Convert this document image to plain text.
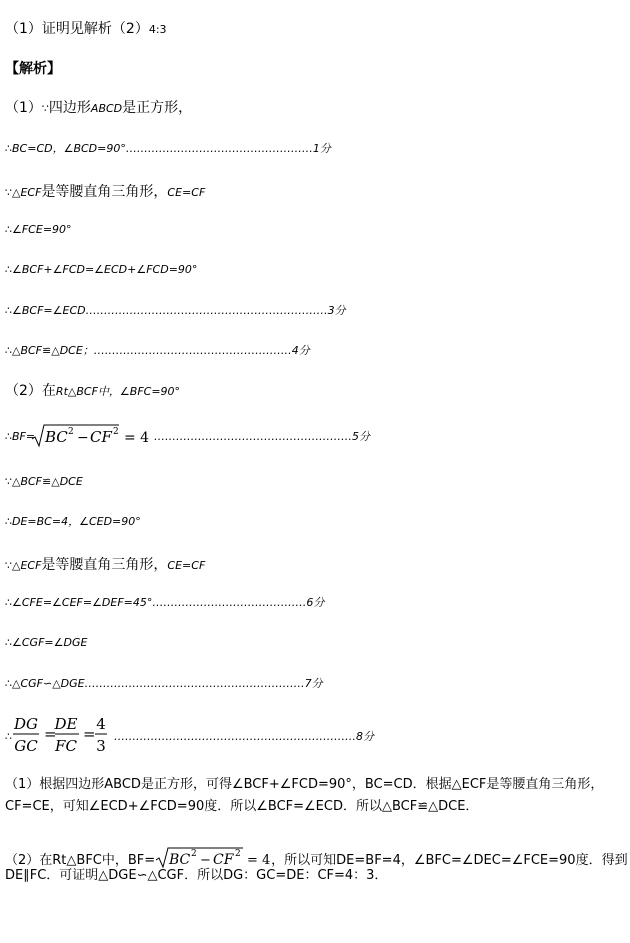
（1）证明见解析（2）4:3
【解析】
（1）∵四边形ABCD是正方形，
∴BC=CD，∠BCD=90°……………………………………………1分
∵△ECF是等腰直角三角形，CE=CF
∴∠FCE=90°
∴∠BCF+∠FCD=∠ECD+∠FCD=90°
∴∠BCF=∠ECD…………………………………………………………3分
∴△BCF≌△DCE；………………………………………………4分
（2）在Rt△BCF中，∠BFC=90°
∴BF= BC 2 − CF 2 = 4 ………………………………………………5分
∵△BCF≌△DCE
∴DE=BC=4，∠CED=90°
∵△ECF是等腰直角三角形，CE=CF
∴∠CFE=∠CEF=∠DEF=45°……………………………………6分
∴∠CGF=∠DGE
∴△CGF∽△DGE……………………………………………………7分
∴
DG
GC
=
DE
FC
=
4
3
…………………………………………………………8分
（1）根据四边形ABCD是正方形，可得∠BCF+∠FCD=90°，BC=CD．根据△ECF是等腰直角三角形，
CF=CE，可知∠ECD+∠FCD=90度．所以∠BCF=∠ECD．所以△BCF≌△DCE．
（2）在Rt△BFC中，BF= BC 2 − CF 2 = 4 ，所以可知DE=BF=4，∠BFC=∠DEC=∠FCE=90度．得到
DE∥FC．可证明△DGE∽△CGF．所以DG：GC=DE：CF=4：3．
